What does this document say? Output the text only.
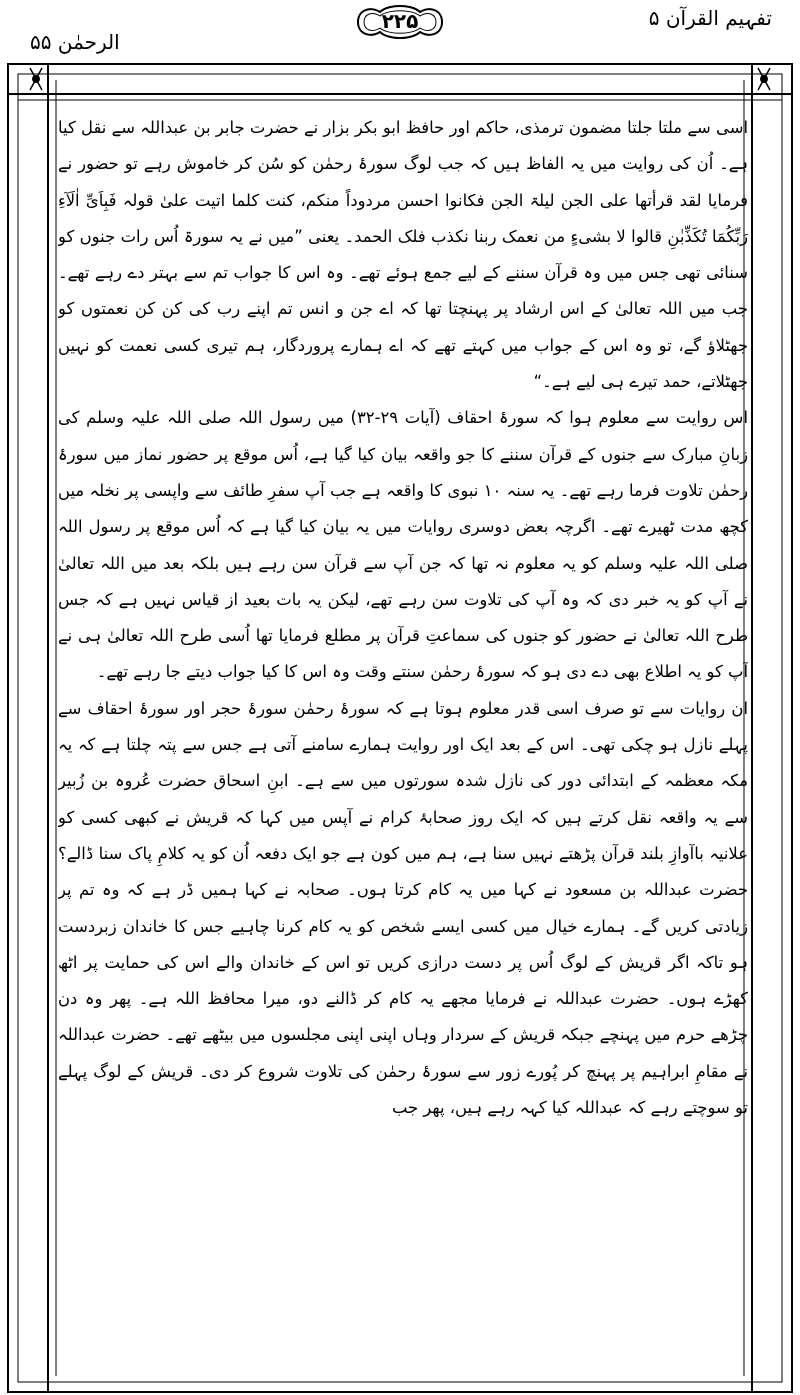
الرحمٰن ۵۵
۲۲۵	تفہیم القرآن ۵

اسی سے ملتا جلتا مضمون ترمذی، حاکم اور حافظ ابو بکر بزار نے حضرت جابر بن عبداللہ سے نقل کیا ہے۔ اُن کی روایت میں یہ الفاظ ہیں کہ جب لوگ سورۂ رحمٰن کو سُن کر خاموش رہے تو حضور نے فرمایا لقد قرأتھا علی الجن لیلۃ الجن فکانوا احسن مردوداً منکم، کنت کلما اتیت علیٰ قولہ فَبِاَیِّ اٰلَآءِ رَبِّکُمَا تُکَذِّبٰنِ قالوا لا بشیءٍ من نعمک ربنا نکذب فلک الحمد۔ یعنی ”میں نے یہ سورۃ اُس رات جنوں کو سنائی تھی جس میں وہ قرآن سننے کے لیے جمع ہوئے تھے۔ وہ اس کا جواب تم سے بہتر دے رہے تھے۔ جب میں اللہ تعالیٰ کے اس ارشاد پر پہنچتا تھا کہ اے جن و انس تم اپنے رب کی کن کن نعمتوں کو جھٹلاؤ گے، تو وہ اس کے جواب میں کہتے تھے کہ اے ہمارے پروردگار، ہم تیری کسی نعمت کو نہیں جھٹلاتے، حمد تیرے ہی لیے ہے۔“

اس روایت سے معلوم ہوا کہ سورۂ احقاف (آیات ۲۹-۳۲) میں رسول اللہ صلی اللہ علیہ وسلم کی زبانِ مبارک سے جنوں کے قرآن سننے کا جو واقعہ بیان کیا گیا ہے، اُس موقع پر حضور نماز میں سورۂ رحمٰن تلاوت فرما رہے تھے۔ یہ سنہ ۱۰ نبوی کا واقعہ ہے جب آپ سفرِ طائف سے واپسی پر نخلہ میں کچھ مدت ٹھیرے تھے۔ اگرچہ بعض دوسری روایات میں یہ بیان کیا گیا ہے کہ اُس موقع پر رسول اللہ صلی اللہ علیہ وسلم کو یہ معلوم نہ تھا کہ جن آپ سے قرآن سن رہے ہیں بلکہ بعد میں اللہ تعالیٰ نے آپ کو یہ خبر دی کہ وہ آپ کی تلاوت سن رہے تھے، لیکن یہ بات بعید از قیاس نہیں ہے کہ جس طرح اللہ تعالیٰ نے حضور کو جنوں کی سماعتِ قرآن پر مطلع فرمایا تھا اُسی طرح اللہ تعالیٰ ہی نے آپ کو یہ اطلاع بھی دے دی ہو کہ سورۂ رحمٰن سنتے وقت وہ اس کا کیا جواب دیتے جا رہے تھے۔

ان روایات سے تو صرف اسی قدر معلوم ہوتا ہے کہ سورۂ رحمٰن سورۂ حجر اور سورۂ احقاف سے پہلے نازل ہو چکی تھی۔ اس کے بعد ایک اور روایت ہمارے سامنے آتی ہے جس سے پتہ چلتا ہے کہ یہ مکہ معظمہ کے ابتدائی دور کی نازل شدہ سورتوں میں سے ہے۔ ابنِ اسحاق حضرت عُروہ بن زُبیر سے یہ واقعہ نقل کرتے ہیں کہ ایک روز صحابۂ کرام نے آپس میں کہا کہ قریش نے کبھی کسی کو علانیہ باآوازِ بلند قرآن پڑھتے نہیں سنا ہے، ہم میں کون ہے جو ایک دفعہ اُن کو یہ کلامِ پاک سنا ڈالے؟ حضرت عبداللہ بن مسعود نے کہا میں یہ کام کرتا ہوں۔ صحابہ نے کہا ہمیں ڈر ہے کہ وہ تم پر زیادتی کریں گے۔ ہمارے خیال میں کسی ایسے شخص کو یہ کام کرنا چاہیے جس کا خاندان زبردست ہو تاکہ اگر قریش کے لوگ اُس پر دست درازی کریں تو اس کے خاندان والے اس کی حمایت پر اٹھ کھڑے ہوں۔ حضرت عبداللہ نے فرمایا مجھے یہ کام کر ڈالنے دو، میرا محافظ اللہ ہے۔ پھر وہ دن چڑھے حرم میں پہنچے جبکہ قریش کے سردار وہاں اپنی اپنی مجلسوں میں بیٹھے تھے۔ حضرت عبداللہ نے مقامِ ابراہیم پر پہنچ کر پُورے زور سے سورۂ رحمٰن کی تلاوت شروع کر دی۔ قریش کے لوگ پہلے تو سوچتے رہے کہ عبداللہ کیا کہہ رہے ہیں، پھر جب
